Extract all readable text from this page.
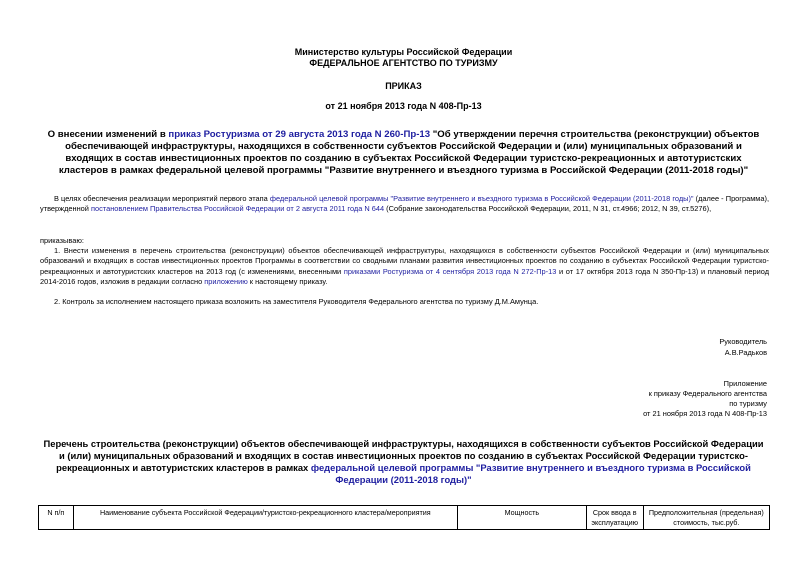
Министерство культуры Российской Федерации
ФЕДЕРАЛЬНОЕ АГЕНТСТВО ПО ТУРИЗМУ
ПРИКАЗ
от 21 ноября 2013 года N 408-Пр-13
О внесении изменений в приказ Ростуризма от 29 августа 2013 года N 260-Пр-13 "Об утверждении перечня строительства (реконструкции) объектов обеспечивающей инфраструктуры, находящихся в собственности субъектов Российской Федерации и (или) муниципальных образований и входящих в состав инвестиционных проектов по созданию в субъектах Российской Федерации туристско-рекреационных и автотуристских кластеров в рамках федеральной целевой программы "Развитие внутреннего и въездного туризма в Российской Федерации (2011-2018 годы)"
В целях обеспечения реализации мероприятий первого этапа федеральной целевой программы "Развитие внутреннего и въездного туризма в Российской Федерации (2011-2018 годы)" (далее - Программа), утвержденной постановлением Правительства Российской Федерации от 2 августа 2011 года N 644 (Собрание законодательства Российской Федерации, 2011, N 31, ст.4966; 2012, N 39, ст.5276),
приказываю:
1. Внести изменения в перечень строительства (реконструкции) объектов обеспечивающей инфраструктуры, находящихся в собственности субъектов Российской Федерации и (или) муниципальных образований и входящих в состав инвестиционных проектов Программы в соответствии со сводными планами развития инвестиционных проектов по созданию в субъектах Российской Федерации туристско-рекреационных и автотуристских кластеров на 2013 год (с изменениями, внесенными приказами Ростуризма от 4 сентября 2013 года N 272-Пр-13 и от 17 октября 2013 года N 350-Пр-13) и плановый период 2014-2016 годов, изложив в редакции согласно приложению к настоящему приказу.
2. Контроль за исполнением настоящего приказа возложить на заместителя Руководителя Федерального агентства по туризму Д.М.Амунца.
Руководитель
А.В.Радьков
Приложение
к приказу Федерального агентства
по туризму
от 21 ноября 2013 года N 408-Пр-13
Перечень строительства (реконструкции) объектов обеспечивающей инфраструктуры, находящихся в собственности субъектов Российской Федерации и (или) муниципальных образований и входящих в состав инвестиционных проектов по созданию в субъектах Российской Федерации туристско-рекреационных и автотуристских кластеров в рамках федеральной целевой программы "Развитие внутреннего и въездного туризма в Российской Федерации (2011-2018 годы)"
N п/п	Наименование субъекта Российской Федерации/туристско-рекреационного кластера/мероприятия	Мощность	Срок ввода в эксплуатацию	Предположительная (предельная) стоимость, тыс.руб.
